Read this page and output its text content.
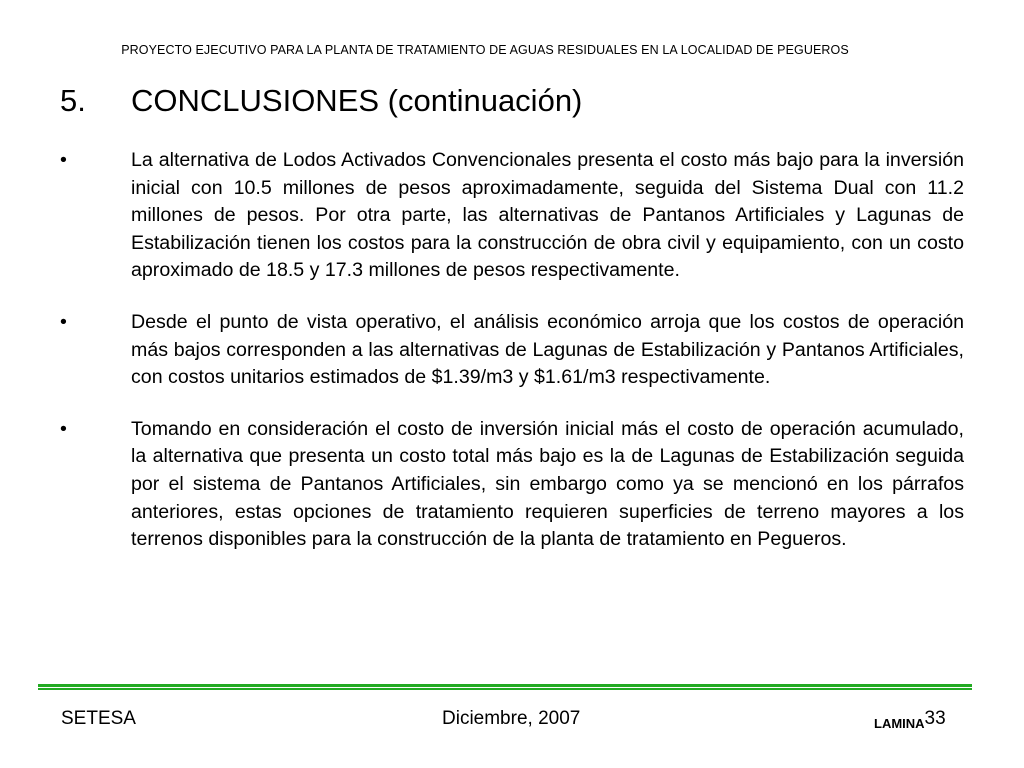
PROYECTO EJECUTIVO PARA LA PLANTA DE TRATAMIENTO DE AGUAS RESIDUALES EN LA LOCALIDAD DE PEGUEROS
5. CONCLUSIONES (continuación)
•	La alternativa de Lodos Activados Convencionales presenta el costo más bajo para la inversión inicial con 10.5 millones de pesos aproximadamente, seguida del Sistema Dual con 11.2 millones de pesos. Por otra parte, las alternativas de Pantanos Artificiales y Lagunas de Estabilización tienen los costos para la construcción de obra civil y equipamiento, con un costo aproximado de 18.5 y 17.3 millones de pesos respectivamente.
•	Desde el punto de vista operativo, el análisis económico arroja que los costos de operación más bajos corresponden a las alternativas de Lagunas de Estabilización y Pantanos Artificiales, con costos unitarios estimados de $1.39/m3 y $1.61/m3 respectivamente.
•	Tomando en consideración el costo de inversión inicial más el costo de operación acumulado, la alternativa que presenta un costo total más bajo es la de Lagunas de Estabilización seguida por el sistema de Pantanos Artificiales, sin embargo como ya se mencionó en los párrafos anteriores, estas opciones de tratamiento requieren superficies de terreno mayores a los terrenos disponibles para la construcción de la planta de tratamiento en Pegueros.
SETESA	Diciembre, 2007	$_{LAMINA}$33
